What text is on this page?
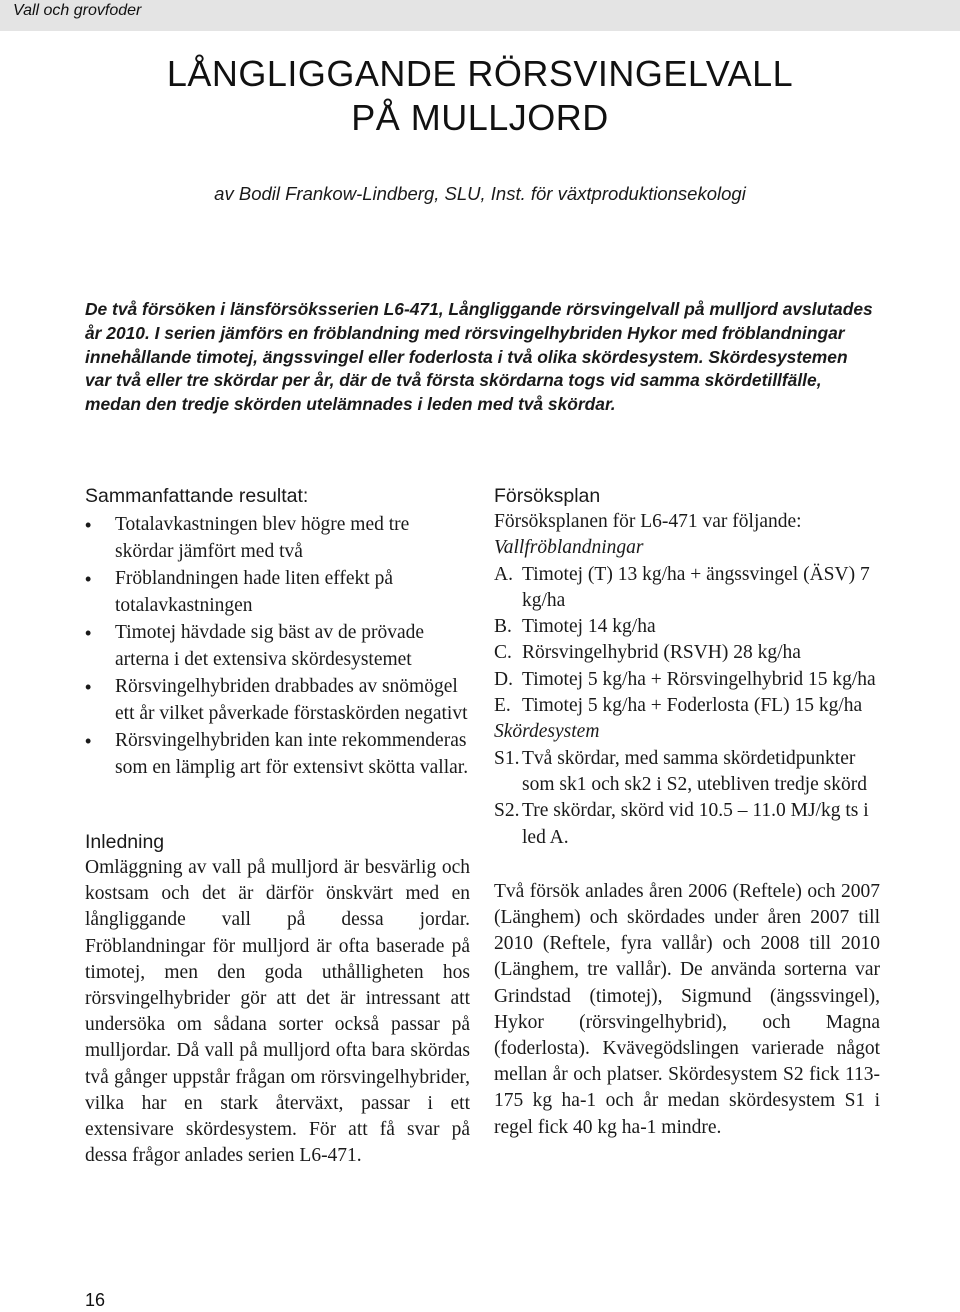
Vall och grovfoder
LÅNGLIGGANDE RÖRSVINGELVALL
PÅ MULLJORD
av Bodil Frankow-Lindberg, SLU, Inst. för växtproduktionsekologi
De två försöken i länsförsöksserien L6-471, Långliggande rörsvingelvall på mulljord avslutades år 2010. I serien jämförs en fröblandning med rörsvingelhybriden Hykor med fröblandningar innehållande timotej, ängssvingel eller foderlosta i två olika skördesystem. Skördesystemen var två eller tre skördar per år, där de två första skördarna togs vid samma skördetillfälle, medan den tredje skörden utelämnades i leden med två skördar.
Sammanfattande resultat:
• Totalavkastningen blev högre med tre skördar jämfört med två
• Fröblandningen hade liten effekt på totalavkastningen
• Timotej hävdade sig bäst av de prövade arterna i det extensiva skördesystemet
• Rörsvingelhybriden drabbades av snömögel ett år vilket påverkade förstaskörden negativt
• Rörsvingelhybriden kan inte rekommenderas som en lämplig art för extensivt skötta vallar.
Inledning
Omläggning av vall på mulljord är besvärlig och kostsam och det är därför önskvärt med en långliggande vall på dessa jordar. Fröblandningar för mulljord är ofta baserade på timotej, men den goda uthålligheten hos rörsvingelhybrider gör att det är intressant att undersöka om sådana sorter också passar på mulljordar. Då vall på mulljord ofta bara skördas två gånger uppstår frågan om rörsvingelhybrider, vilka har en stark återväxt, passar i ett extensivare skördesystem. För att få svar på dessa frågor anlades serien L6-471.
Försöksplan
Försöksplanen för L6-471 var följande:
Vallfröblandningar
A. Timotej (T) 13 kg/ha + ängssvingel (ÄSV) 7 kg/ha
B. Timotej 14 kg/ha
C. Rörsvingelhybrid (RSVH) 28 kg/ha
D. Timotej 5 kg/ha + Rörsvingelhybrid 15 kg/ha
E. Timotej 5 kg/ha + Foderlosta (FL) 15 kg/ha
Skördesystem
S1. Två skördar, med samma skördetidpunkter som sk1 och sk2 i S2, utebliven tredje skörd
S2. Tre skördar, skörd vid 10.5 – 11.0 MJ/kg ts i led A.
Två försök anlades åren 2006 (Reftele) och 2007 (Länghem) och skördades under åren 2007 till 2010 (Reftele, fyra vallår) och 2008 till 2010 (Länghem, tre vallår). De använda sorterna var Grindstad (timotej), Sigmund (ängssvingel), Hykor (rörsvingelhybrid), och Magna (foderlosta). Kvävegödslingen varierade något mellan år och platser. Skördesystem S2 fick 113-175 kg ha-1 och år medan skördesystem S1 i regel fick 40 kg ha-1 mindre.
16
